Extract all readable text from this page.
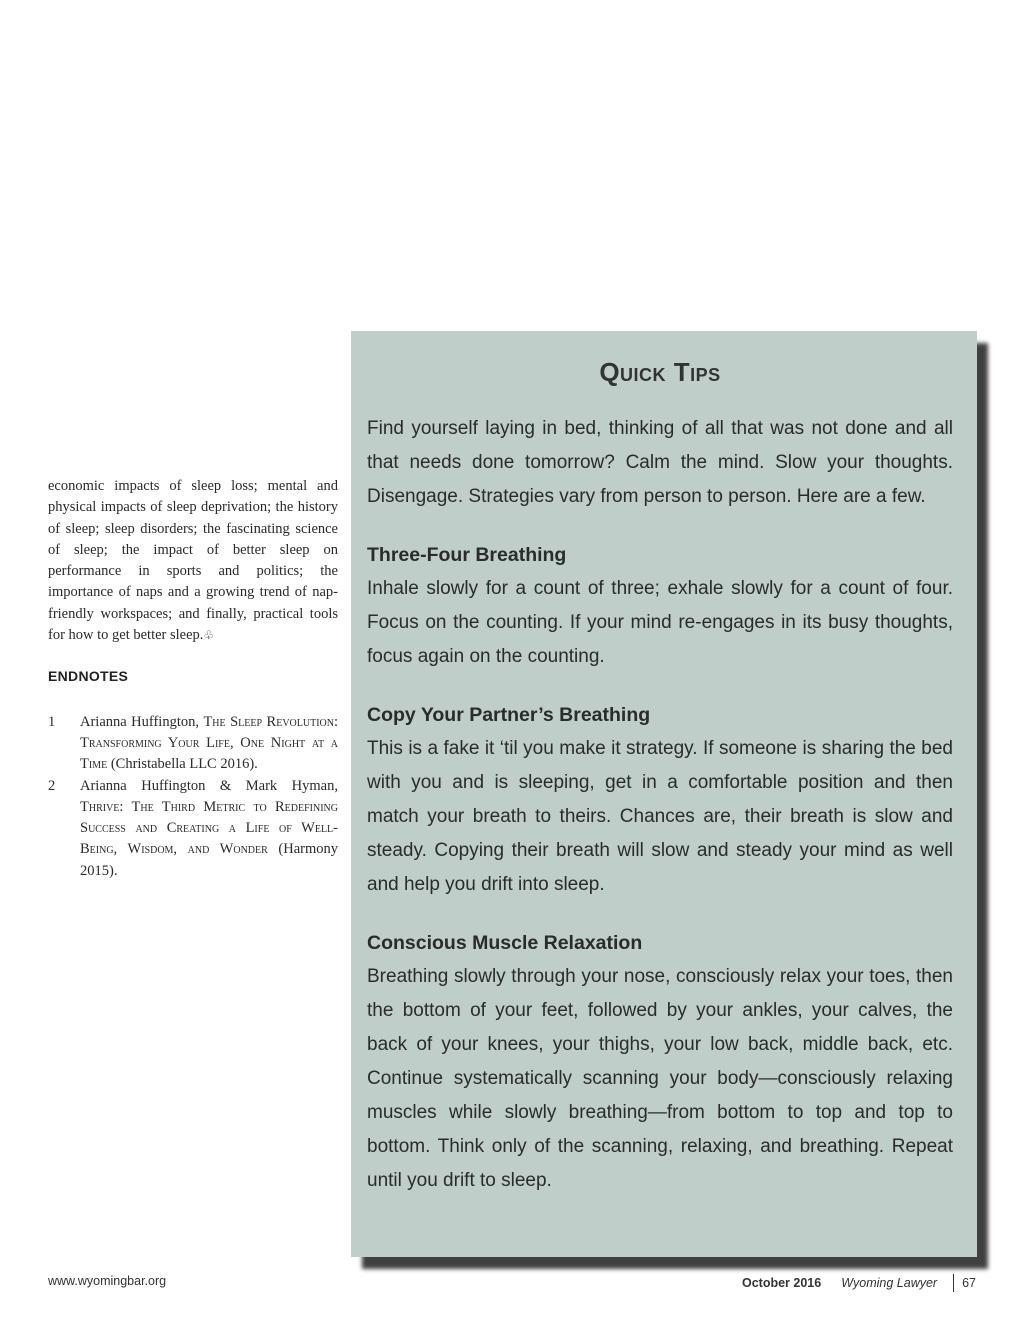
economic impacts of sleep loss; mental and physical impacts of sleep deprivation; the history of sleep; sleep disorders; the fascinating science of sleep; the impact of better sleep on performance in sports and politics; the importance of naps and a growing trend of nap-friendly workspaces; and finally, practical tools for how to get better sleep.♧

ENDNOTES
1	Arianna Huffington, The Sleep Revolution: Transforming Your Life, One Night at a Time (Christabella LLC 2016).
2	Arianna Huffington & Mark Hyman, Thrive: The Third Metric to Redefining Success and Creating a Life of Well-Being, Wisdom, and Wonder (Harmony 2015).
Quick Tips

Find yourself laying in bed, thinking of all that was not done and all that needs done tomorrow? Calm the mind. Slow your thoughts. Disengage. Strategies vary from person to person. Here are a few.

Three-Four Breathing

Inhale slowly for a count of three; exhale slowly for a count of four. Focus on the counting. If your mind re-engages in its busy thoughts, focus again on the counting.

Copy Your Partner’s Breathing

This is a fake it ‘til you make it strategy. If someone is sharing the bed with you and is sleeping, get in a comfortable position and then match your breath to theirs. Chances are, their breath is slow and steady. Copying their breath will slow and steady your mind as well and help you drift into sleep.

Conscious Muscle Relaxation

Breathing slowly through your nose, consciously relax your toes, then the bottom of your feet, followed by your ankles, your calves, the back of your knees, your thighs, your low back, middle back, etc. Continue systematically scanning your body—consciously relaxing muscles while slowly breathing—from bottom to top and top to bottom. Think only of the scanning, relaxing, and breathing. Repeat until you drift to sleep.

www.wyomingbar.org	October 2016 Wyoming Lawyer 67
